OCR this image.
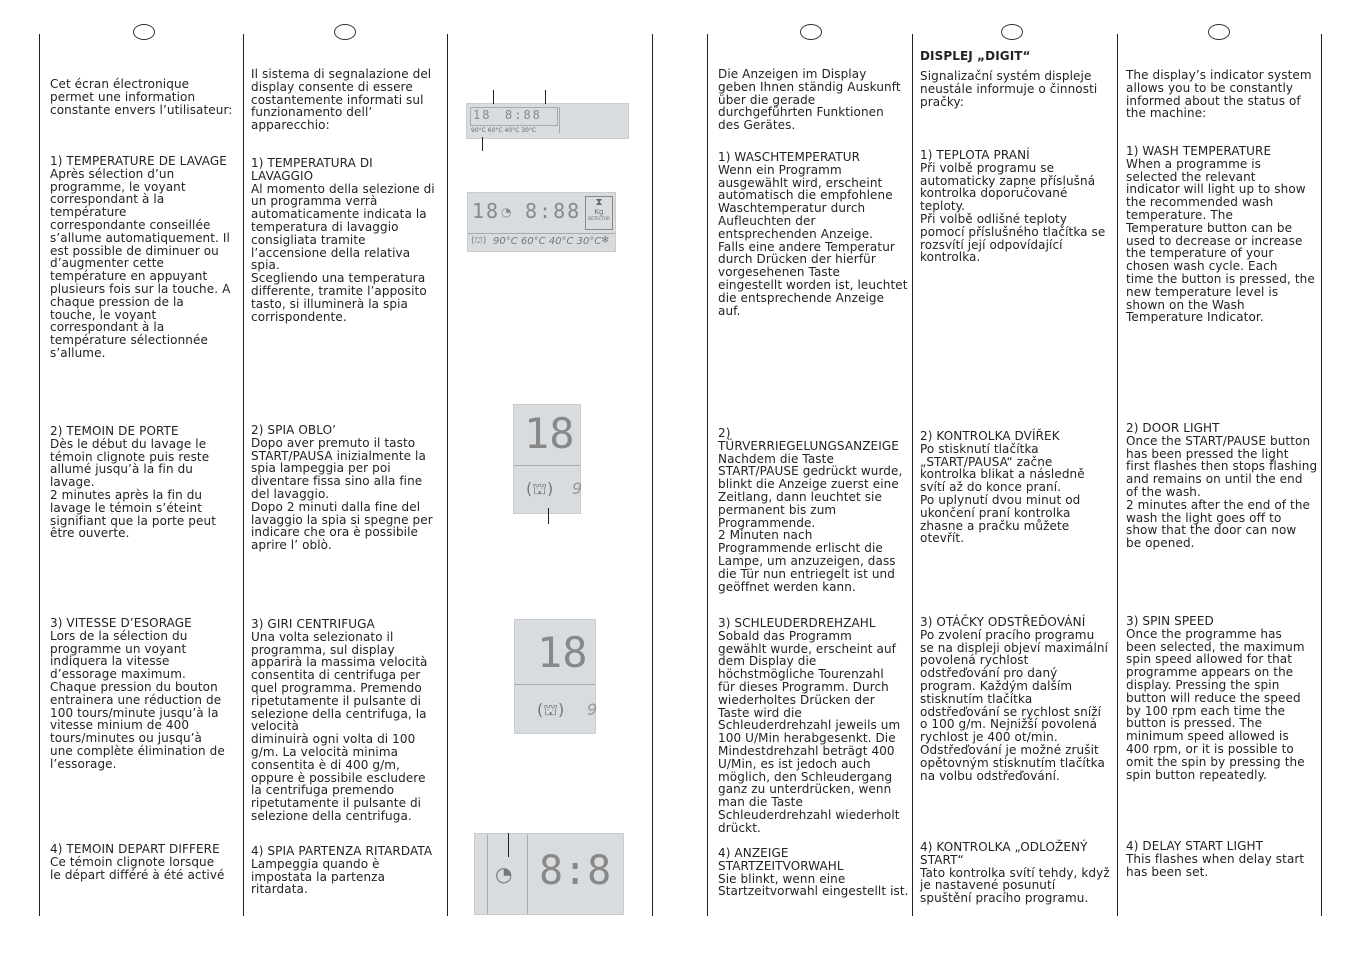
Cet écran électronique
permet une information
constante envers l’utilisateur:
1) TEMPERATURE DE LAVAGE
Après sélection d’un
programme, le voyant
correspondant à la
température
correspondante conseillée
s’allume automatiquement. Il
est possible de diminuer ou
d’augmenter cette
température en appuyant
plusieurs fois sur la touche. A
chaque pression de la
touche, le voyant
correspondant à la
température sélectionnée
s’allume.
2) TEMOIN DE PORTE
Dès le début du lavage le
témoin clignote puis reste
allumé jusqu’à la fin du
lavage.
2 minutes après la fin du
lavage le témoin s’éteint
signifiant que la porte peut
être ouverte.
3) VITESSE D’ESORAGE
Lors de la sélection du
programme un voyant
indiquera la vitesse
d’essorage maximum.
Chaque pression du bouton
entrainera une réduction de
100 tours/minute jusqu’à la
vitesse minium de 400
tours/minutes ou jusqu’à
une complète élimination de
l’essorage.
4) TEMOIN DEPART DIFFERE
Ce témoin clignote lorsque
le départ différé à été activé
Il sistema di segnalazione del
display consente di essere
costantemente informati sul
funzionamento dell’
apparecchio:
1) TEMPERATURA DI
LAVAGGIO
Al momento della selezione di
un programma verrà
automaticamente indicata la
temperatura di lavaggio
consigliata tramite
l’accensione della relativa
spia.
Scegliendo una temperatura
differente, tramite l’apposito
tasto, si illuminerà la spia
corrispondente.
2) SPIA OBLO’
Dopo aver premuto il tasto
START/PAUSA inizialmente la
spia lampeggia per poi
diventare fissa sino alla fine
del lavaggio.
Dopo 2 minuti dalla fine del
lavaggio la spia si spegne per
indicare che ora è possibile
aprire l’ oblò.
3) GIRI CENTRIFUGA
Una volta selezionato il
programma, sul display
apparirà la massima velocità
consentita di centrifuga per
quel programma. Premendo
ripetutamente il pulsante di
selezione della centrifuga, la velocità
diminuirà ogni volta di 100
g/m. La velocità minima
consentita è di 400 g/m,
oppure è possibile escludere
la centrifuga premendo
ripetutamente il pulsante di
selezione della centrifuga.
4) SPIA PARTENZA RITARDATA
Lampeggia quando è
impostata la partenza
ritardata.
18 8:88
90°C 60°C 40°C 30°C
18 ◔ 8:88	⧗
Kg
DETECTOR
(⛫) 90°C 60°C 40°C 30°C ❄
18
(⛫) 9
18
(⛫) 9
◔ 8:8
Die Anzeigen im Display
geben Ihnen ständig Auskunft
über die gerade
durchgeführten Funktionen
des Gerätes.
1) WASCHTEMPERATUR
Wenn ein Programm
ausgewählt wird, erscheint
automatisch die empfohlene
Waschtemperatur durch
Aufleuchten der
entsprechenden Anzeige.
Falls eine andere Temperatur
durch Drücken der hierfür
vorgesehenen Taste
eingestellt worden ist, leuchtet
die entsprechende Anzeige
auf.
2) TÜRVERRIEGELUNGSANZEIGE
Nachdem die Taste
START/PAUSE gedrückt wurde,
blinkt die Anzeige zuerst eine
Zeitlang, dann leuchtet sie
permanent bis zum
Programmende.
2 Minuten nach
Programmende erlischt die
Lampe, um anzuzeigen, dass
die Tür nun entriegelt ist und
geöffnet werden kann.
3) SCHLEUDERDREHZAHL
Sobald das Programm
gewählt wurde, erscheint auf
dem Display die
höchstmögliche Tourenzahl
für dieses Programm. Durch
wiederholtes Drücken der
Taste wird die
Schleuderdrehzahl jeweils um
100 U/Min herabgesenkt. Die
Mindestdrehzahl beträgt 400
U/Min, es ist jedoch auch
möglich, den Schleudergang
ganz zu unterdrücken, wenn
man die Taste
Schleuderdrehzahl wiederholt
drückt.
4) ANZEIGE
STARTZEITVORWAHL
Sie blinkt, wenn eine
Startzeitvorwahl eingestellt ist.
DISPLEJ „DIGIT“
Signalizační systém displeje
neustále informuje o činnosti
pračky:
1) TEPLOTA PRANÍ
Při volbě programu se
automaticky zapne příslušná
kontrolka doporučované
teploty.
Při volbě odlišné teploty
pomocí příslušného tlačítka se
rozsvítí její odpovídající
kontrolka.
2) KONTROLKA DVÍŘEK
Po stisknutí tlačítka
„START/PAUSA“ začne
kontrolka blikat a následně
svítí až do konce praní.
Po uplynutí dvou minut od
ukončení praní kontrolka
zhasne a pračku můžete
otevřít.
3) OTÁČKY ODSTŘEĎOVÁNÍ
Po zvolení pracího programu
se na displeji objeví maximální
povolená rychlost
odstřeďování pro daný
program. Každým dalším
stisknutím tlačítka
odstřeďování se rychlost sníží
o 100 g/m. Nejnižší povolená
rychlost je 400 ot/min.
Odstřeďování je možné zrušit
opětovným stisknutím tlačítka
na volbu odstřeďování.
4) KONTROLKA „ODLOŽENÝ
START“
Tato kontrolka svítí tehdy, když
je nastavené posunutí
spuštění pracího programu.
The display’s indicator system
allows you to be constantly
informed about the status of
the machine:
1) WASH TEMPERATURE
When a programme is
selected the relevant
indicator will light up to show
the recommended wash
temperature. The
Temperature button can be
used to decrease or increase
the temperature of your
chosen wash cycle. Each
time the button is pressed, the
new temperature level is
shown on the Wash
Temperature Indicator.
2) DOOR LIGHT
Once the START/PAUSE button
has been pressed the light
first flashes then stops flashing
and remains on until the end
of the wash.
2 minutes after the end of the
wash the light goes off to
show that the door can now
be opened.
3) SPIN SPEED
Once the programme has
been selected, the maximum
spin speed allowed for that
programme appears on the
display. Pressing the spin
button will reduce the speed
by 100 rpm each time the
button is pressed. The
minimum speed allowed is
400 rpm, or it is possible to
omit the spin by pressing the
spin button repeatedly.
4) DELAY START LIGHT
This flashes when delay start
has been set.
